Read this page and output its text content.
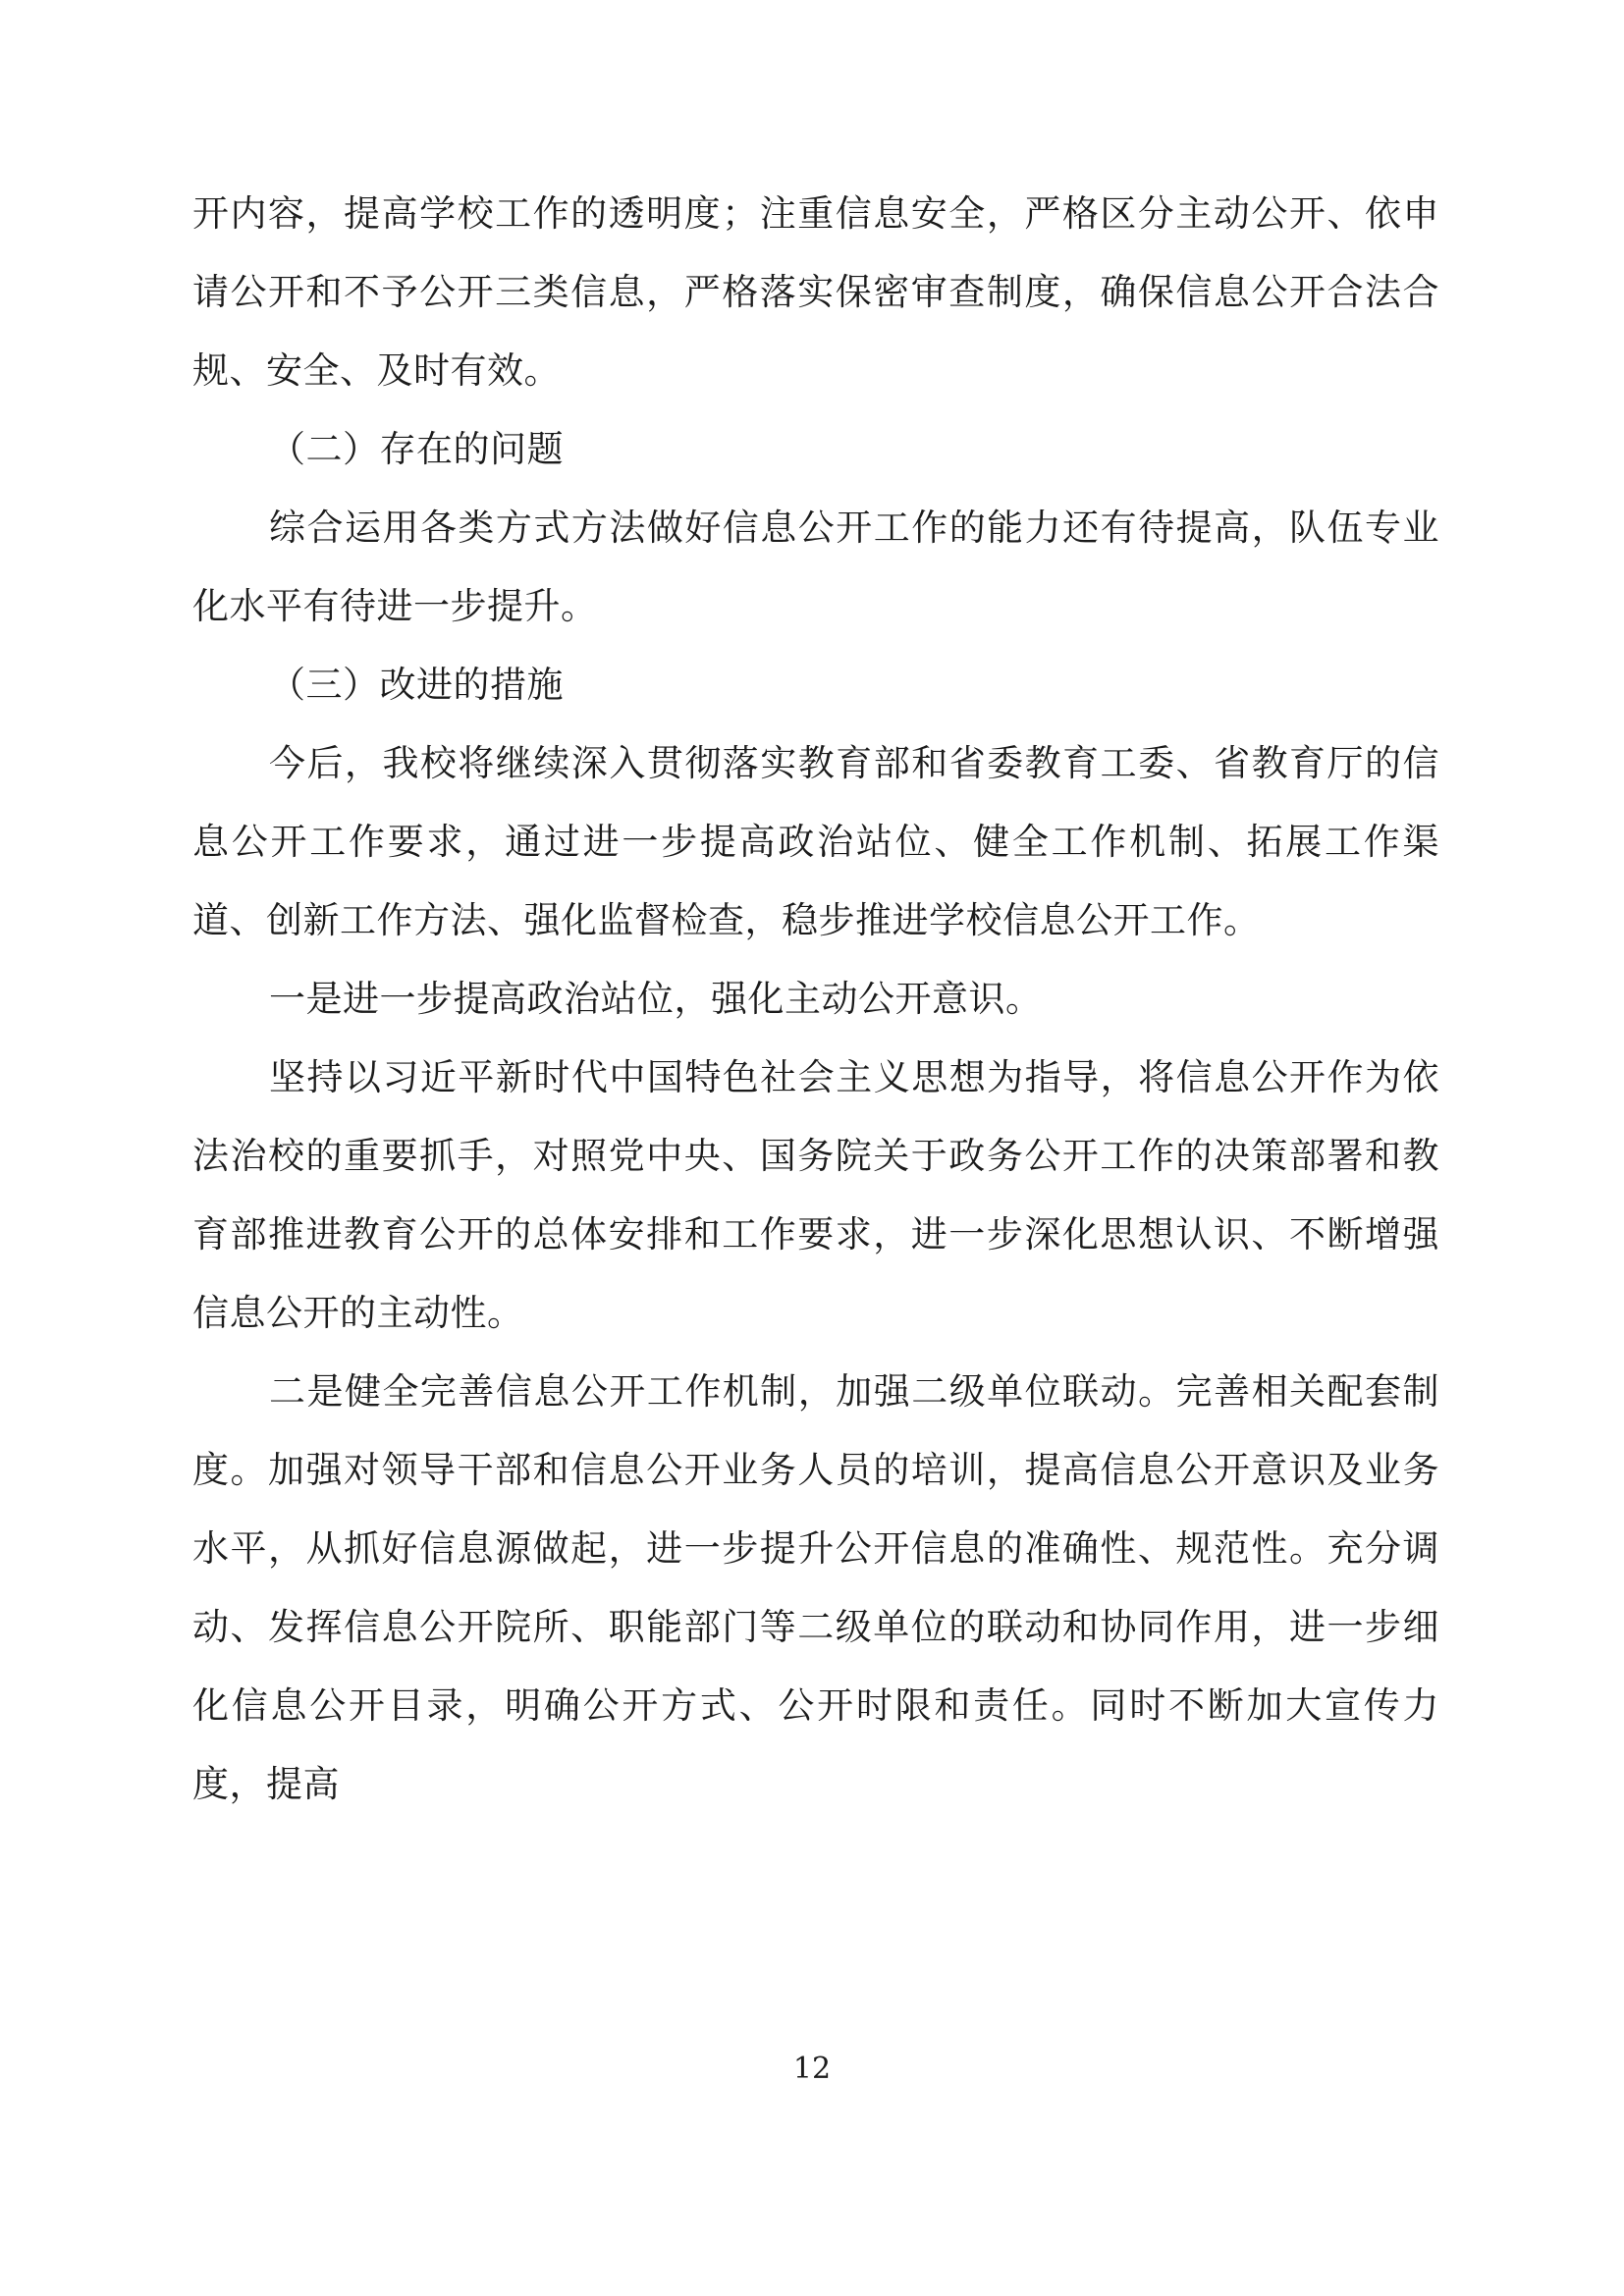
开内容，提高学校工作的透明度；注重信息安全，严格区分主动公开、依申请公开和不予公开三类信息，严格落实保密审查制度，确保信息公开合法合规、安全、及时有效。

（二）存在的问题

综合运用各类方式方法做好信息公开工作的能力还有待提高，队伍专业化水平有待进一步提升。

（三）改进的措施

今后，我校将继续深入贯彻落实教育部和省委教育工委、省教育厅的信息公开工作要求，通过进一步提高政治站位、健全工作机制、拓展工作渠道、创新工作方法、强化监督检查，稳步推进学校信息公开工作。

一是进一步提高政治站位，强化主动公开意识。

坚持以习近平新时代中国特色社会主义思想为指导，将信息公开作为依法治校的重要抓手，对照党中央、国务院关于政务公开工作的决策部署和教育部推进教育公开的总体安排和工作要求，进一步深化思想认识、不断增强信息公开的主动性。

二是健全完善信息公开工作机制，加强二级单位联动。完善相关配套制度。加强对领导干部和信息公开业务人员的培训，提高信息公开意识及业务水平，从抓好信息源做起，进一步提升公开信息的准确性、规范性。充分调动、发挥信息公开院所、职能部门等二级单位的联动和协同作用，进一步细化信息公开目录，明确公开方式、公开时限和责任。同时不断加大宣传力度，提高

12
